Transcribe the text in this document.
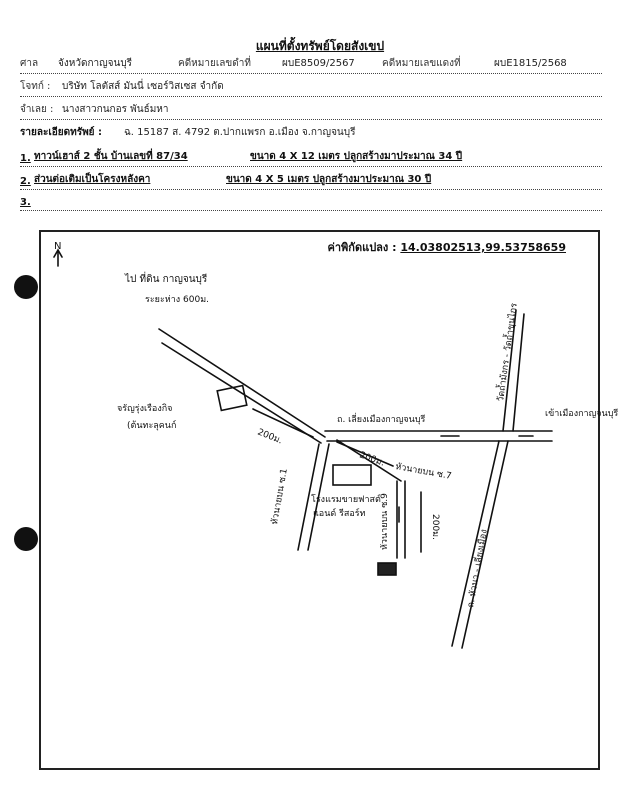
แผนที่ตั้งทรัพย์โดยสังเขป
ศาล จังหวัดกาญจนบุรี	คดีหมายเลขดำที่	ผบE8509/2567	คดีหมายเลขแดงที่	ผบE1815/2568
โจทก์ : บริษัท โลตัสส์ มันนี่ เซอร์วิสเซส จำกัด
จำเลย : นางสาวกนกอร พันธ์มหา
รายละเอียดทรัพย์ : ฉ. 15187 ส. 4792 ต.ปากแพรก อ.เมือง จ.กาญจนบุรี
1. ทาวน์เฮาส์ 2 ชั้น บ้านเลขที่ 87/34	ขนาด 4 X 12 เมตร ปลูกสร้างมาประมาณ 34 ปี
2. ส่วนต่อเติมเป็นโครงหลังคา	ขนาด 4 X 5 เมตร ปลูกสร้างมาประมาณ 30 ปี
3.
ค่าพิกัดแปลง : 14.03802513,99.53758659
N
ไป ที่ดิน กาญจนบุรี
ระยะห่าง 600ม.
จรัญรุ่งเรืองกิจ
(ต้นทะลุคนก์
200ม.
ถ. เลี่ยงเมืองกาญจนบุรี
เข้าเมืองกาญจนบุรี
วัดถ้ำมังกร - วัดถ้ำขุนไกร
200ม.
หัวนายบน ซ.7
หัวนายบน ซ.1 โรงแรมขายฟาสต์
แอนด์ รีสอร์ท หัวนายบน ซ.9	200ม.
ถ. หัวนา - เลี่ยงเมือง
